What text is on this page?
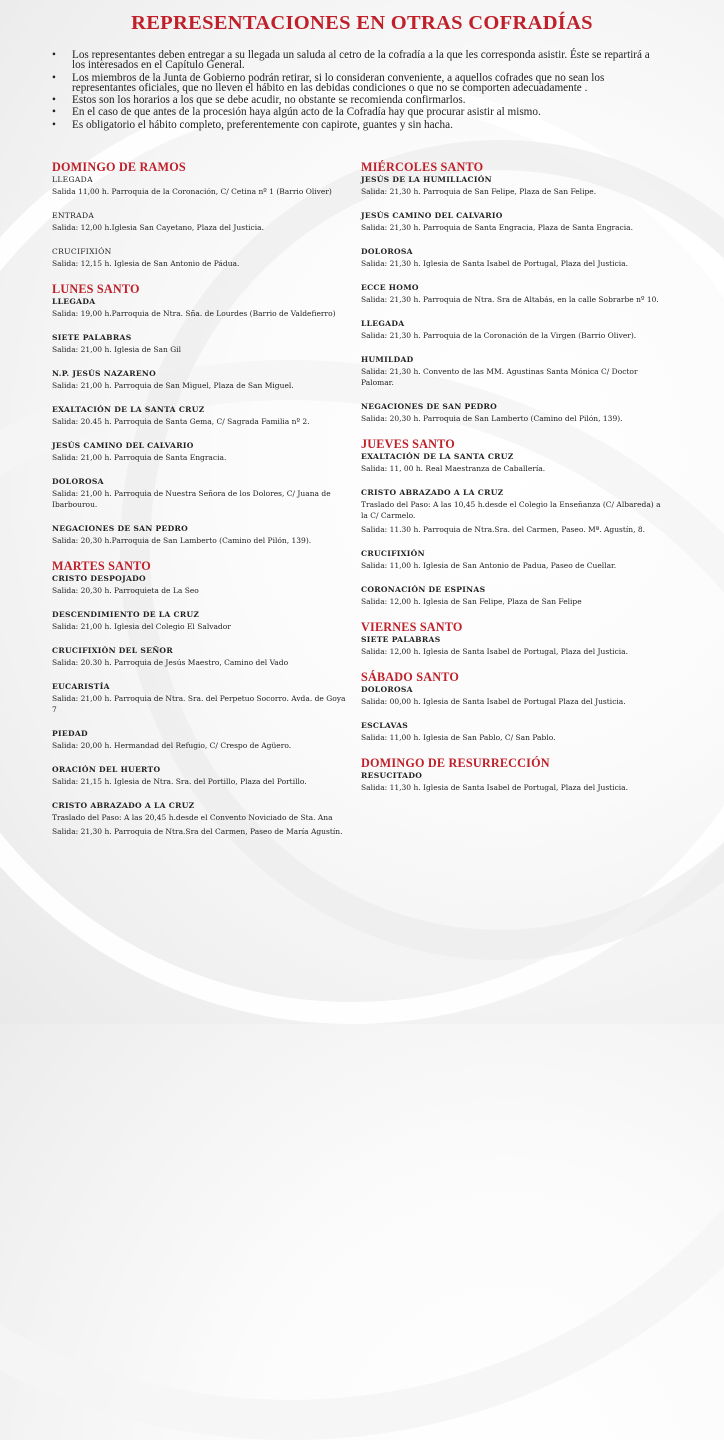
REPRESENTACIONES EN OTRAS COFRADÍAS
• Los representantes deben entregar a su llegada un saluda al cetro de la cofradía a la que les corresponda asistir. Éste se repartirá a los interesados en el Capítulo General.
• Los miembros de la Junta de Gobierno podrán retirar, si lo consideran conveniente, a aquellos cofrades que no sean los representantes oficiales, que no lleven el hábito en las debidas condiciones o que no se comporten adecuadamente .
• Estos son los horarios a los que se debe acudir, no obstante se recomienda confirmarlos.
• En el caso de que antes de la procesión haya algún acto de la Cofradía hay que procurar asistir al mismo.
• Es obligatorio el hábito completo, preferentemente con capirote, guantes y sin hacha.
DOMINGO DE RAMOS
LLEGADA
Salida 11,00 h. Parroquia de la Coronación, C/ Cetina nº 1 (Barrio Oliver)
ENTRADA
Salida: 12,00 h.Iglesia San Cayetano, Plaza del Justicia.
CRUCIFIXIÓN
Salida: 12,15 h. Iglesia de San Antonio de Pádua.
LUNES SANTO
LLEGADA
Salida: 19,00 h.Parroquia de Ntra. Sña. de Lourdes (Barrio de Valdefierro)
SIETE PALABRAS
Salida: 21,00 h. Iglesia de San Gil
N.P. JESÚS NAZARENO
Salida: 21,00 h. Parroquia de San Miguel, Plaza de San Miguel.
EXALTACIÓN DE LA SANTA CRUZ
Salida: 20.45 h. Parroquia de Santa Gema, C/ Sagrada Familia nº 2.
JESÚS CAMINO DEL CALVARIO
Salida: 21,00 h. Parroquia de Santa Engracia.
DOLOROSA
Salida: 21,00 h. Parroquia de Nuestra Señora de los Dolores, C/ Juana de Ibarbourou.
NEGACIONES DE SAN PEDRO
Salida: 20,30 h.Parroquia de San Lamberto (Camino del Pilón, 139).
MARTES SANTO
CRISTO DESPOJADO
Salida: 20,30 h. Parroquieta de La Seo
DESCENDIMIENTO DE LA CRUZ
Salida: 21,00 h. Iglesia del Colegio El Salvador
CRUCIFIXIÓN DEL SEÑOR
Salida: 20.30 h. Parroquia de Jesús Maestro, Camino del Vado
EUCARISTÍA
Salida: 21,00 h. Parroquia de Ntra. Sra. del Perpetuo Socorro. Avda. de Goya 7
PIEDAD
Salida: 20,00 h. Hermandad del Refugio, C/ Crespo de Agüero.
ORACIÓN DEL HUERTO
Salida: 21,15 h. Iglesia de Ntra. Sra. del Portillo, Plaza del Portillo.
CRISTO ABRAZADO A LA CRUZ
Traslado del Paso: A las 20,45 h.desde el Convento Noviciado de Sta. Ana
Salida: 21,30 h. Parroquia de Ntra.Sra del Carmen, Paseo de María Agustín.
MIÉRCOLES SANTO
JESÚS DE LA HUMILLACIÓN
Salida: 21,30 h. Parroquia de San Felipe, Plaza de San Felipe.
JESÚS CAMINO DEL CALVARIO
Salida: 21,30 h. Parroquia de Santa Engracia, Plaza de Santa Engracia.
DOLOROSA
Salida: 21,30 h. Iglesia de Santa Isabel de Portugal, Plaza del Justicia.
ECCE HOMO
Salida: 21,30 h. Parroquia de Ntra. Sra de Altabás, en la calle Sobrarbe nº 10.
LLEGADA
Salida: 21,30 h. Parroquia de la Coronación de la Virgen (Barrio Oliver).
HUMILDAD
Salida: 21,30 h. Convento de las MM. Agustinas Santa Mónica C/ Doctor Palomar.
NEGACIONES DE SAN PEDRO
Salida: 20,30 h. Parroquia de San Lamberto (Camino del Pilón, 139).
JUEVES SANTO
EXALTACIÓN DE LA SANTA CRUZ
Salida: 11, 00 h. Real Maestranza de Caballería.
CRISTO ABRAZADO A LA CRUZ
Traslado del Paso: A las 10,45 h.desde el Colegio la Enseñanza (C/ Albareda) a la C/ Carmelo.
Salida: 11.30 h. Parroquia de Ntra.Sra. del Carmen, Paseo. Mª. Agustín, 8.
CRUCIFIXIÓN
Salida: 11,00 h. Iglesia de San Antonio de Padua, Paseo de Cuellar.
CORONACIÓN DE ESPINAS
Salida: 12,00 h. Iglesia de San Felipe, Plaza de San Felipe
VIERNES SANTO
SIETE PALABRAS
Salida: 12,00 h. Iglesia de Santa Isabel de Portugal, Plaza del Justicia.
SÁBADO SANTO
DOLOROSA
Salida: 00,00 h. Iglesia de Santa Isabel de Portugal Plaza del Justicia.
ESCLAVAS
Salida: 11,00 h. Iglesia de San Pablo, C/ San Pablo.
DOMINGO DE RESURRECCIÓN
RESUCITADO
Salida: 11,30 h. Iglesia de Santa Isabel de Portugal, Plaza del Justicia.
